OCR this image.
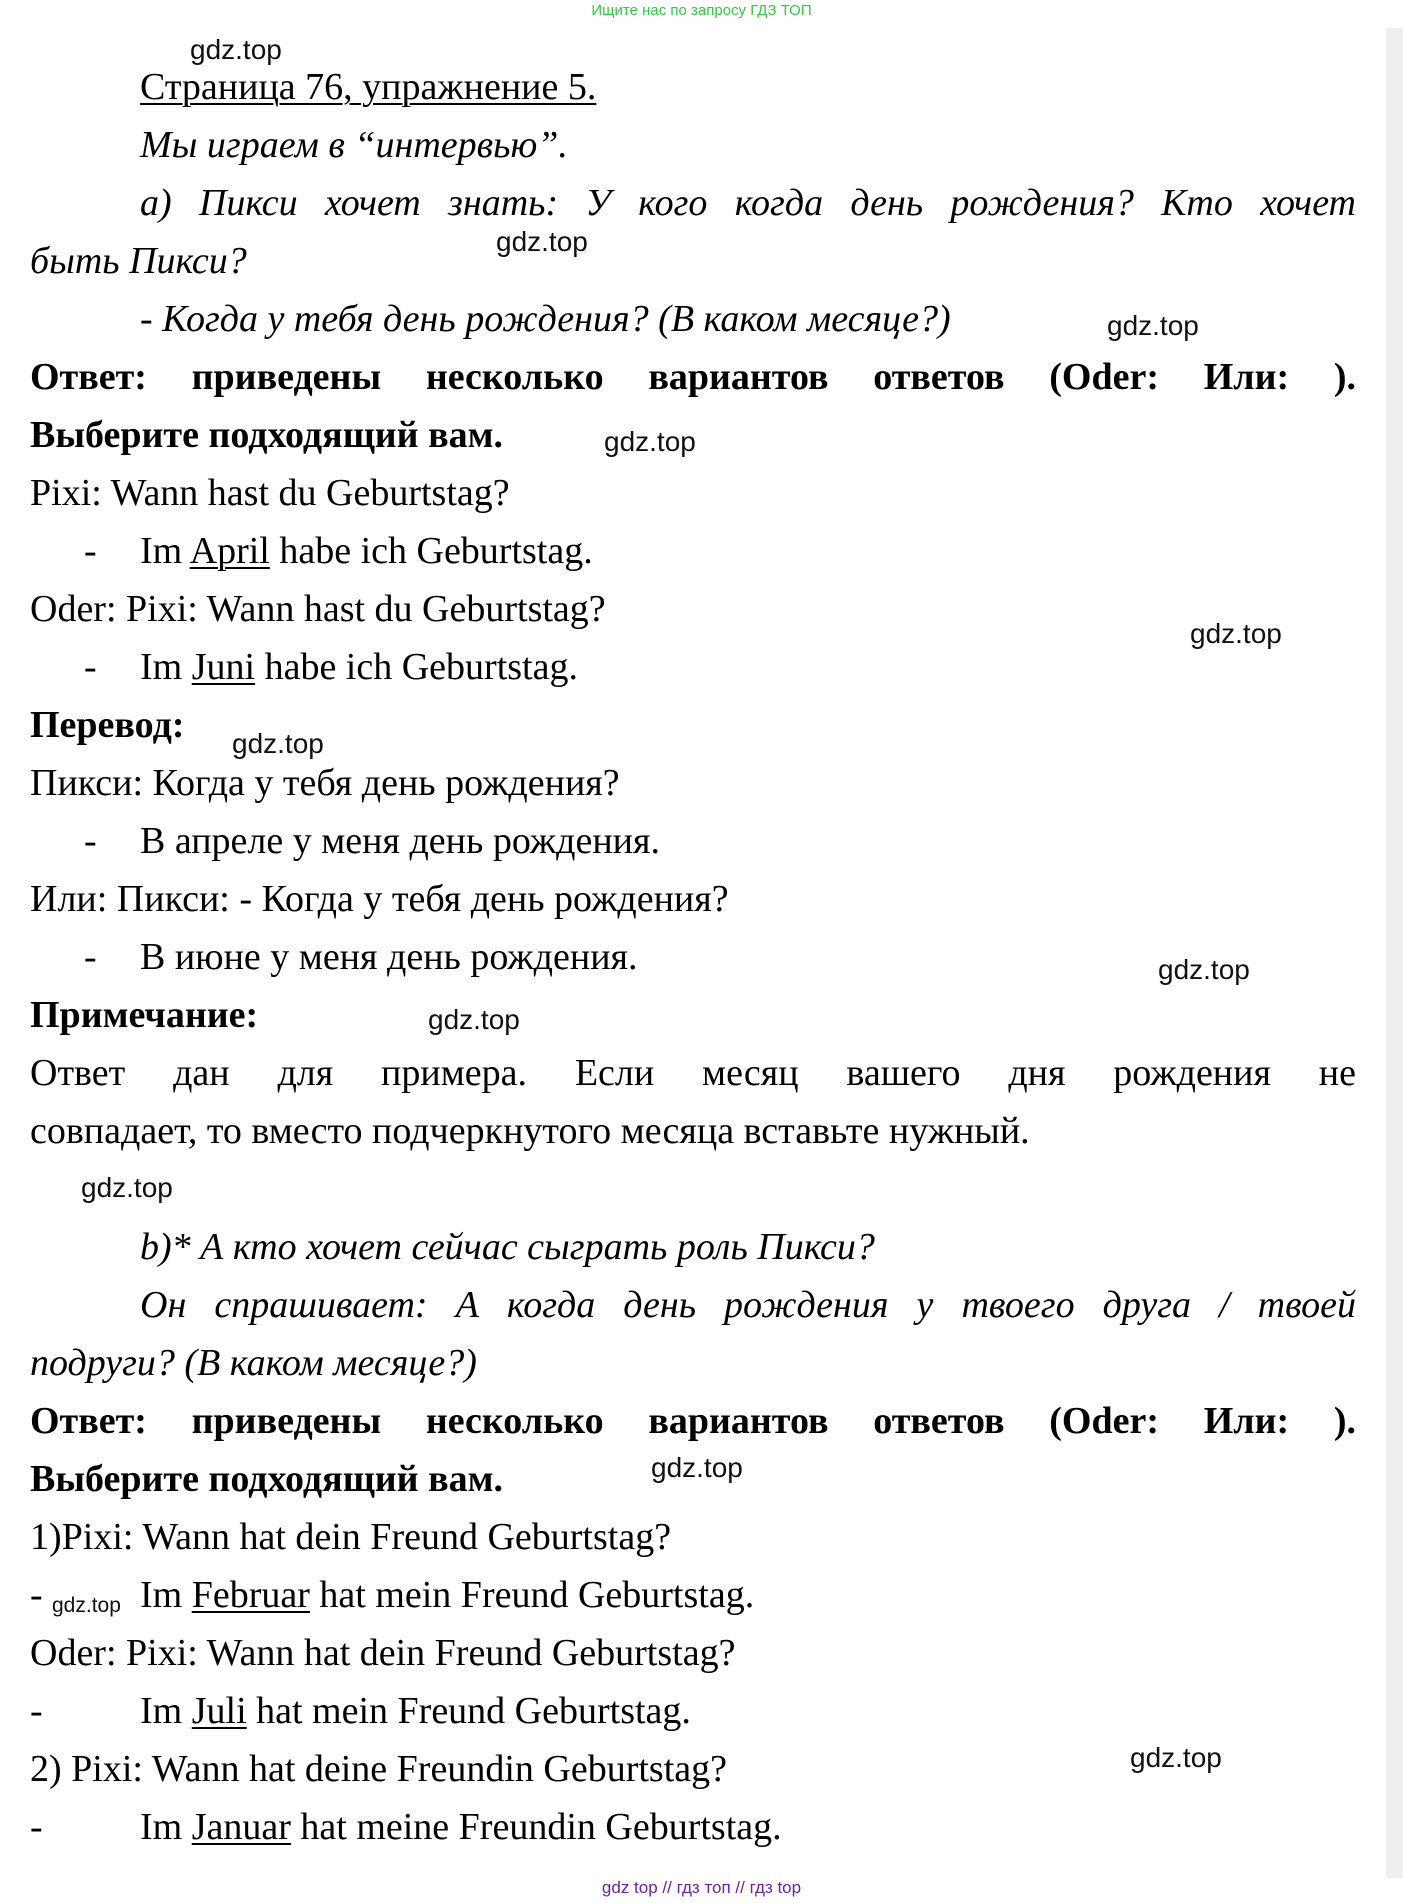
Ищите нас по запросу ГДЗ ТОП
gdz.top
gdz.top
gdz.top
gdz.top
gdz.top
gdz.top
gdz.top
gdz.top
gdz.top
gdz.top
gdz.top
Страница 76, упражнение 5.
Мы играем в “интервью”.
а) Пикси хочет знать: У кого когда день рождения? Кто хочет
быть Пикси?
- Когда у тебя день рождения? (В каком месяце?)
Ответ: приведены несколько вариантов ответов (Oder: Или: ).
Выберите подходящий вам.
Pixi: Wann hast du Geburtstag?
- Im April habe ich Geburtstag.
Oder: Pixi: Wann hast du Geburtstag?
- Im Juni habe ich Geburtstag.
Перевод:
Пикси: Когда у тебя день рождения?
- В апреле у меня день рождения.
Или: Пикси: - Когда у тебя день рождения?
- В июне у меня день рождения.
Примечание:
Ответ дан для примера. Если месяц вашего дня рождения не
совпадает, то вместо подчеркнутого месяца вставьте нужный.
b)* А кто хочет сейчас сыграть роль Пикси?
Он спрашивает: А когда день рождения у твоего друга / твоей
подруги? (В каком месяце?)
Ответ: приведены несколько вариантов ответов (Oder: Или: ).
Выберите подходящий вам.
1)Pixi: Wann hat dein Freund Geburtstag?
- gdz.top Im Februar hat mein Freund Geburtstag.
Oder: Pixi: Wann hat dein Freund Geburtstag?
-	Im Juli hat mein Freund Geburtstag.
2) Pixi: Wann hat deine Freundin Geburtstag?
-	Im Januar hat meine Freundin Geburtstag.
gdz top // гдз топ // гдз top
